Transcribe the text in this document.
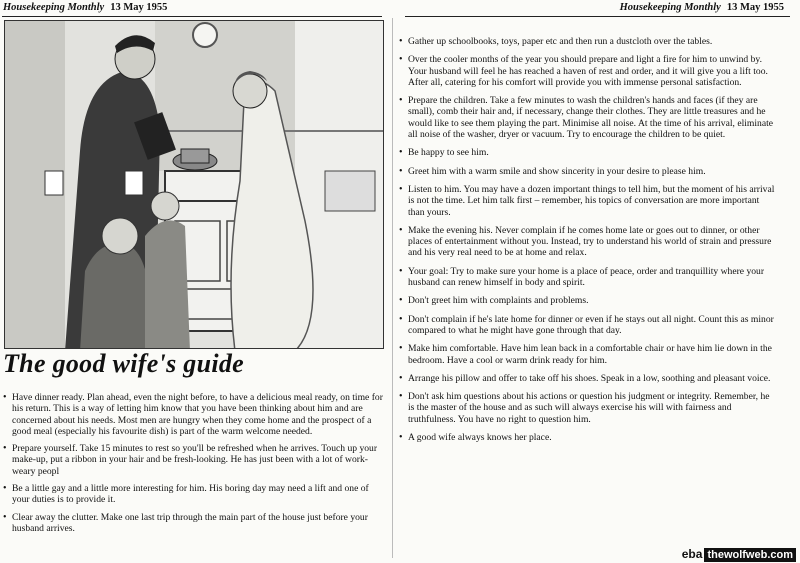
Housekeeping Monthly 13 May 1955	Housekeeping Monthly 13 May 1955
The good wife's guide
• Have dinner ready. Plan ahead, even the night before, to have a delicious meal ready, on time for his return. This is a way of letting him know that you have been thinking about him and are concerned about his needs. Most men are hungry when they come home and the prospect of a good meal (especially his favourite dish) is part of the warm welcome needed.
• Prepare yourself. Take 15 minutes to rest so you'll be refreshed when he arrives. Touch up your make-up, put a ribbon in your hair and be fresh-looking. He has just been with a lot of work-weary peopl
• Be a little gay and a little more interesting for him. His boring day may need a lift and one of your duties is to provide it.
• Clear away the clutter. Make one last trip through the main part of the house just before your husband arrives.
• Gather up schoolbooks, toys, paper etc and then run a dustcloth over the tables.
• Over the cooler months of the year you should prepare and light a fire for him to unwind by. Your husband will feel he has reached a haven of rest and order, and it will give you a lift too. After all, catering for his comfort will provide you with immense personal satisfaction.
• Prepare the children. Take a few minutes to wash the children's hands and faces (if they are small), comb their hair and, if necessary, change their clothes. They are little treasures and he would like to see them playing the part. Minimise all noise. At the time of his arrival, eliminate all noise of the washer, dryer or vacuum. Try to encourage the children to be quiet.
• Be happy to see him.
• Greet him with a warm smile and show sincerity in your desire to please him.
• Listen to him. You may have a dozen important things to tell him, but the moment of his arrival is not the time. Let him talk first – remember, his topics of conversation are more important than yours.
• Make the evening his. Never complain if he comes home late or goes out to dinner, or other places of entertainment without you. Instead, try to understand his world of strain and pressure and his very real need to be at home and relax.
• Your goal: Try to make sure your home is a place of peace, order and tranquillity where your husband can renew himself in body and spirit.
• Don't greet him with complaints and problems.
• Don't complain if he's late home for dinner or even if he stays out all night. Count this as minor compared to what he might have gone through that day.
• Make him comfortable. Have him lean back in a comfortable chair or have him lie down in the bedroom. Have a cool or warm drink ready for him.
• Arrange his pillow and offer to take off his shoes. Speak in a low, soothing and pleasant voice.
• Don't ask him questions about his actions or question his judgment or integrity. Remember, he is the master of the house and as such will always exercise his will with fairness and truthfulness. You have no right to question him.
• A good wife always knows her place.
eba thewolfweb.com
